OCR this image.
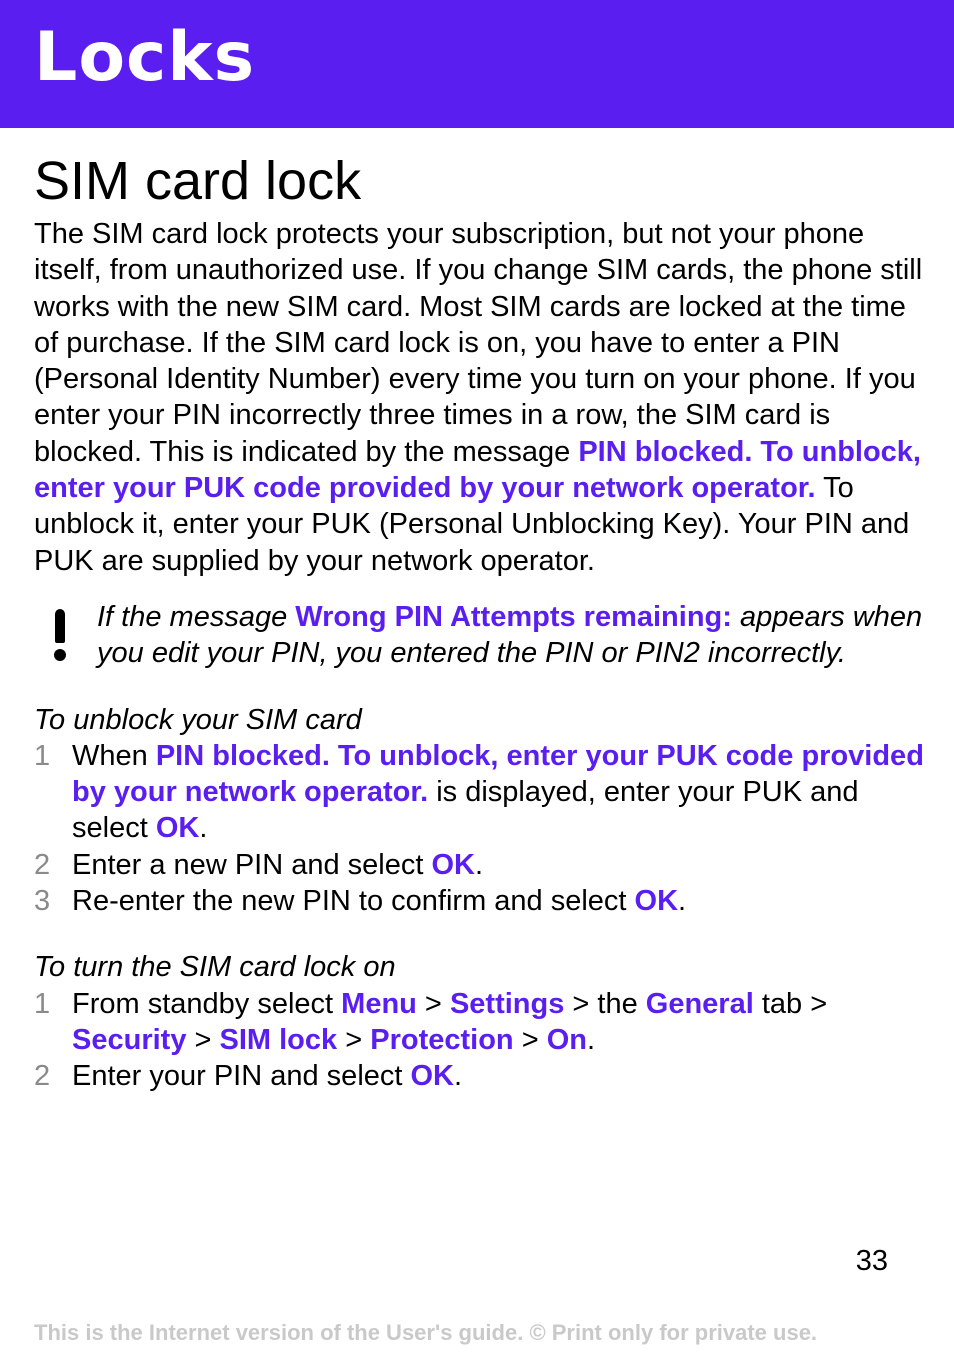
Locks
SIM card lock

The SIM card lock protects your subscription, but not your phone itself, from unauthorized use. If you change SIM cards, the phone still works with the new SIM card. Most SIM cards are locked at the time of purchase. If the SIM card lock is on, you have to enter a PIN (Personal Identity Number) every time you turn on your phone. If you enter your PIN incorrectly three times in a row, the SIM card is blocked. This is indicated by the message PIN blocked. To unblock, enter your PUK code provided by your network operator. To unblock it, enter your PUK (Personal Unblocking Key). Your PIN and PUK are supplied by your network operator.

If the message Wrong PIN Attempts remaining: appears when you edit your PIN, you entered the PIN or PIN2 incorrectly.

To unblock your SIM card
1 When PIN blocked. To unblock, enter your PUK code provided by your network operator. is displayed, enter your PUK and select OK.
2 Enter a new PIN and select OK.
3 Re-enter the new PIN to confirm and select OK.
To turn the SIM card lock on
1 From standby select Menu > Settings > the General tab > Security > SIM lock > Protection > On.
2 Enter your PIN and select OK.
33
This is the Internet version of the User's guide. © Print only for private use.
